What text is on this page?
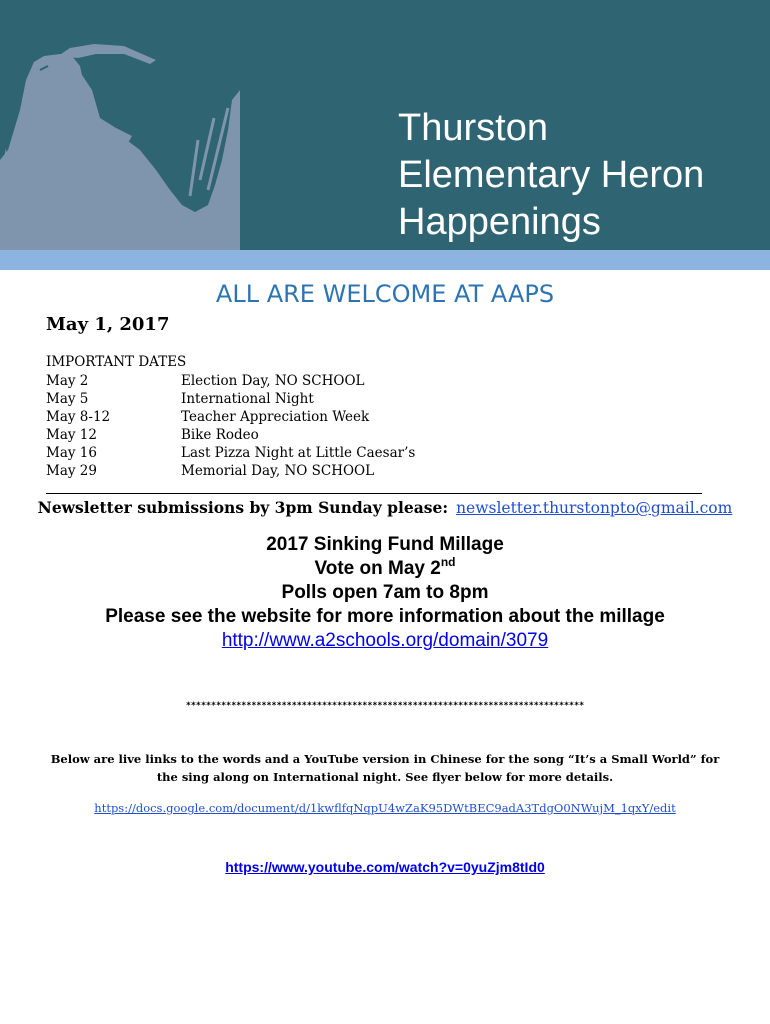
Thurston
Elementary Heron
Happenings
ALL ARE WELCOME AT AAPS
May 1, 2017
IMPORTANT DATES
May 2	Election Day, NO SCHOOL
May 5	International Night
May 8-12	Teacher Appreciation Week
May 12	Bike Rodeo
May 16	Last Pizza Night at Little Caesar’s
May 29	Memorial Day, NO SCHOOL
Newsletter submissions by 3pm Sunday please: newsletter.thurstonpto@gmail.com
2017 Sinking Fund Millage
Vote on May 2nd
Polls open 7am to 8pm
Please see the website for more information about the millage
http://www.a2schools.org/domain/3079
*******************************************************************************
Below are live links to the words and a YouTube version in Chinese for the song “It’s a Small World” for the sing along on International night. See flyer below for more details.
https://docs.google.com/document/d/1kwflfqNqpU4wZaK95DWtBEC9adA3TdgO0NWujM_1qxY/edit
https://www.youtube.com/watch?v=0yuZjm8tId0
